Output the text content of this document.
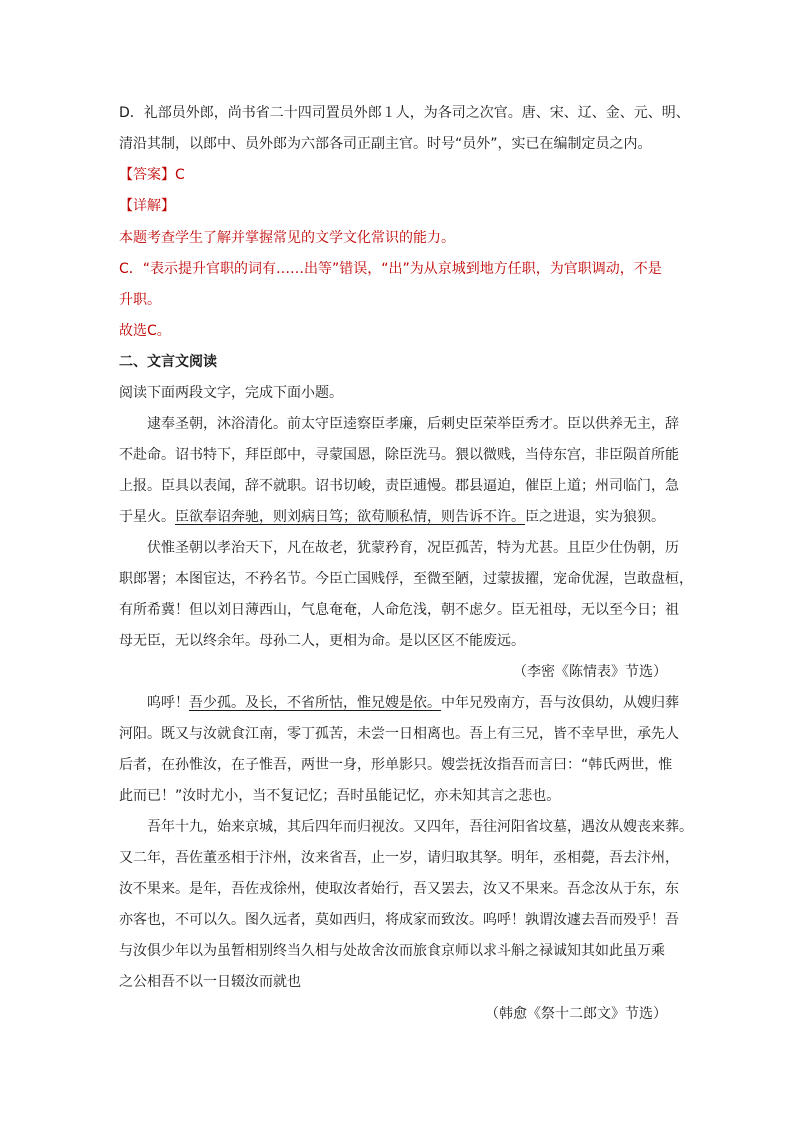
D．礼部员外郎，尚书省二十四司置员外郎１人，为各司之次官。唐、宋、辽、金、元、明、

清沿其制，以郎中、员外郎为六部各司正副主官。时号“员外”，实已在编制定员之内。

【答案】C

【详解】

本题考查学生了解并掌握常见的文学文化常识的能力。

C．“表示提升官职的词有……出等”错误，“出”为从京城到地方任职，为官职调动，不是

升职。

故选C。

二、文言文阅读

阅读下面两段文字，完成下面小题。

逮奉圣朝，沐浴清化。前太守臣逵察臣孝廉，后刺史臣荣举臣秀才。臣以供养无主，辞

不赴命。诏书特下，拜臣郎中，寻蒙国恩，除臣洗马。猥以微贱，当侍东宫，非臣陨首所能

上报。臣具以表闻，辞不就职。诏书切峻，责臣逋慢。郡县逼迫，催臣上道；州司临门，急

于星火。臣欲奉诏奔驰，则刘病日笃；欲苟顺私情，则告诉不许。臣之进退，实为狼狈。

伏惟圣朝以孝治天下，凡在故老，犹蒙矜育，况臣孤苦，特为尤甚。且臣少仕伪朝，历

职郎署；本图宦达，不矜名节。今臣亡国贱俘，至微至陋，过蒙拔擢，宠命优渥，岂敢盘桓，

有所希冀！但以刘日薄西山，气息奄奄，人命危浅，朝不虑夕。臣无祖母，无以至今日；祖

母无臣，无以终余年。母孙二人，更相为命。是以区区不能废远。

（李密《陈情表》节选）

呜呼！吾少孤。及长，不省所怙，惟兄嫂是依。中年兄殁南方，吾与汝俱幼，从嫂归葬

河阳。既又与汝就食江南，零丁孤苦，未尝一日相离也。吾上有三兄，皆不幸早世，承先人

后者，在孙惟汝，在子惟吾，两世一身，形单影只。嫂尝抚汝指吾而言曰：“韩氏两世，惟

此而已！”汝时尤小，当不复记忆；吾时虽能记忆，亦未知其言之悲也。

吾年十九，始来京城，其后四年而归视汝。又四年，吾往河阳省坟墓，遇汝从嫂丧来葬。

又二年，吾佐董丞相于汴州，汝来省吾，止一岁，请归取其孥。明年，丞相薨，吾去汴州，

汝不果来。是年，吾佐戎徐州，使取汝者始行，吾又罢去，汝又不果来。吾念汝从于东，东

亦客也，不可以久。图久远者，莫如西归，将成家而致汝。呜呼！孰谓汝遽去吾而殁乎！吾

与汝俱少年以为虽暂相别终当久相与处故舍汝而旅食京师以求斗斛之禄诚知其如此虽万乘

之公相吾不以一日辍汝而就也

（韩愈《祭十二郎文》节选）
